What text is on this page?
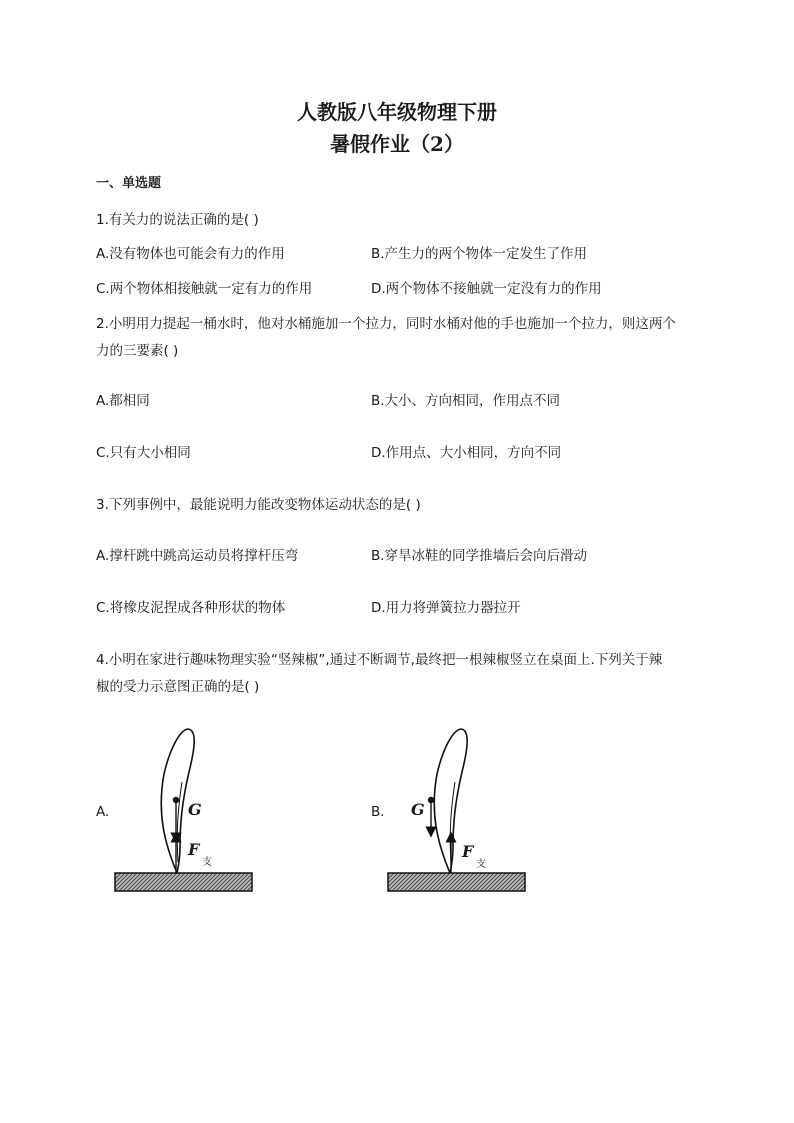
人教版八年级物理下册
暑假作业（2）
一、单选题
1.有关力的说法正确的是( )
A.没有物体也可能会有力的作用	B.产生力的两个物体一定发生了作用
C.两个物体相接触就一定有力的作用	D.两个物体不接触就一定没有力的作用
2.小明用力提起一桶水时，他对水桶施加一个拉力，同时水桶对他的手也施加一个拉力，则这两个
力的三要素( )
A.都相同	B.大小、方向相同，作用点不同
C.只有大小相同	D.作用点、大小相同，方向不同
3.下列事例中，最能说明力能改变物体运动状态的是( )
A.撑杆跳中跳高运动员将撑杆压弯	B.穿旱冰鞋的同学推墙后会向后滑动
C.将橡皮泥捏成各种形状的物体	D.用力将弹簧拉力器拉开
4.小明在家进行趣味物理实验“竖辣椒”,通过不断调节,最终把一根辣椒竖立在桌面上.下列关于辣
椒的受力示意图正确的是( )
A.	B.
G
F
支
G
F
支
